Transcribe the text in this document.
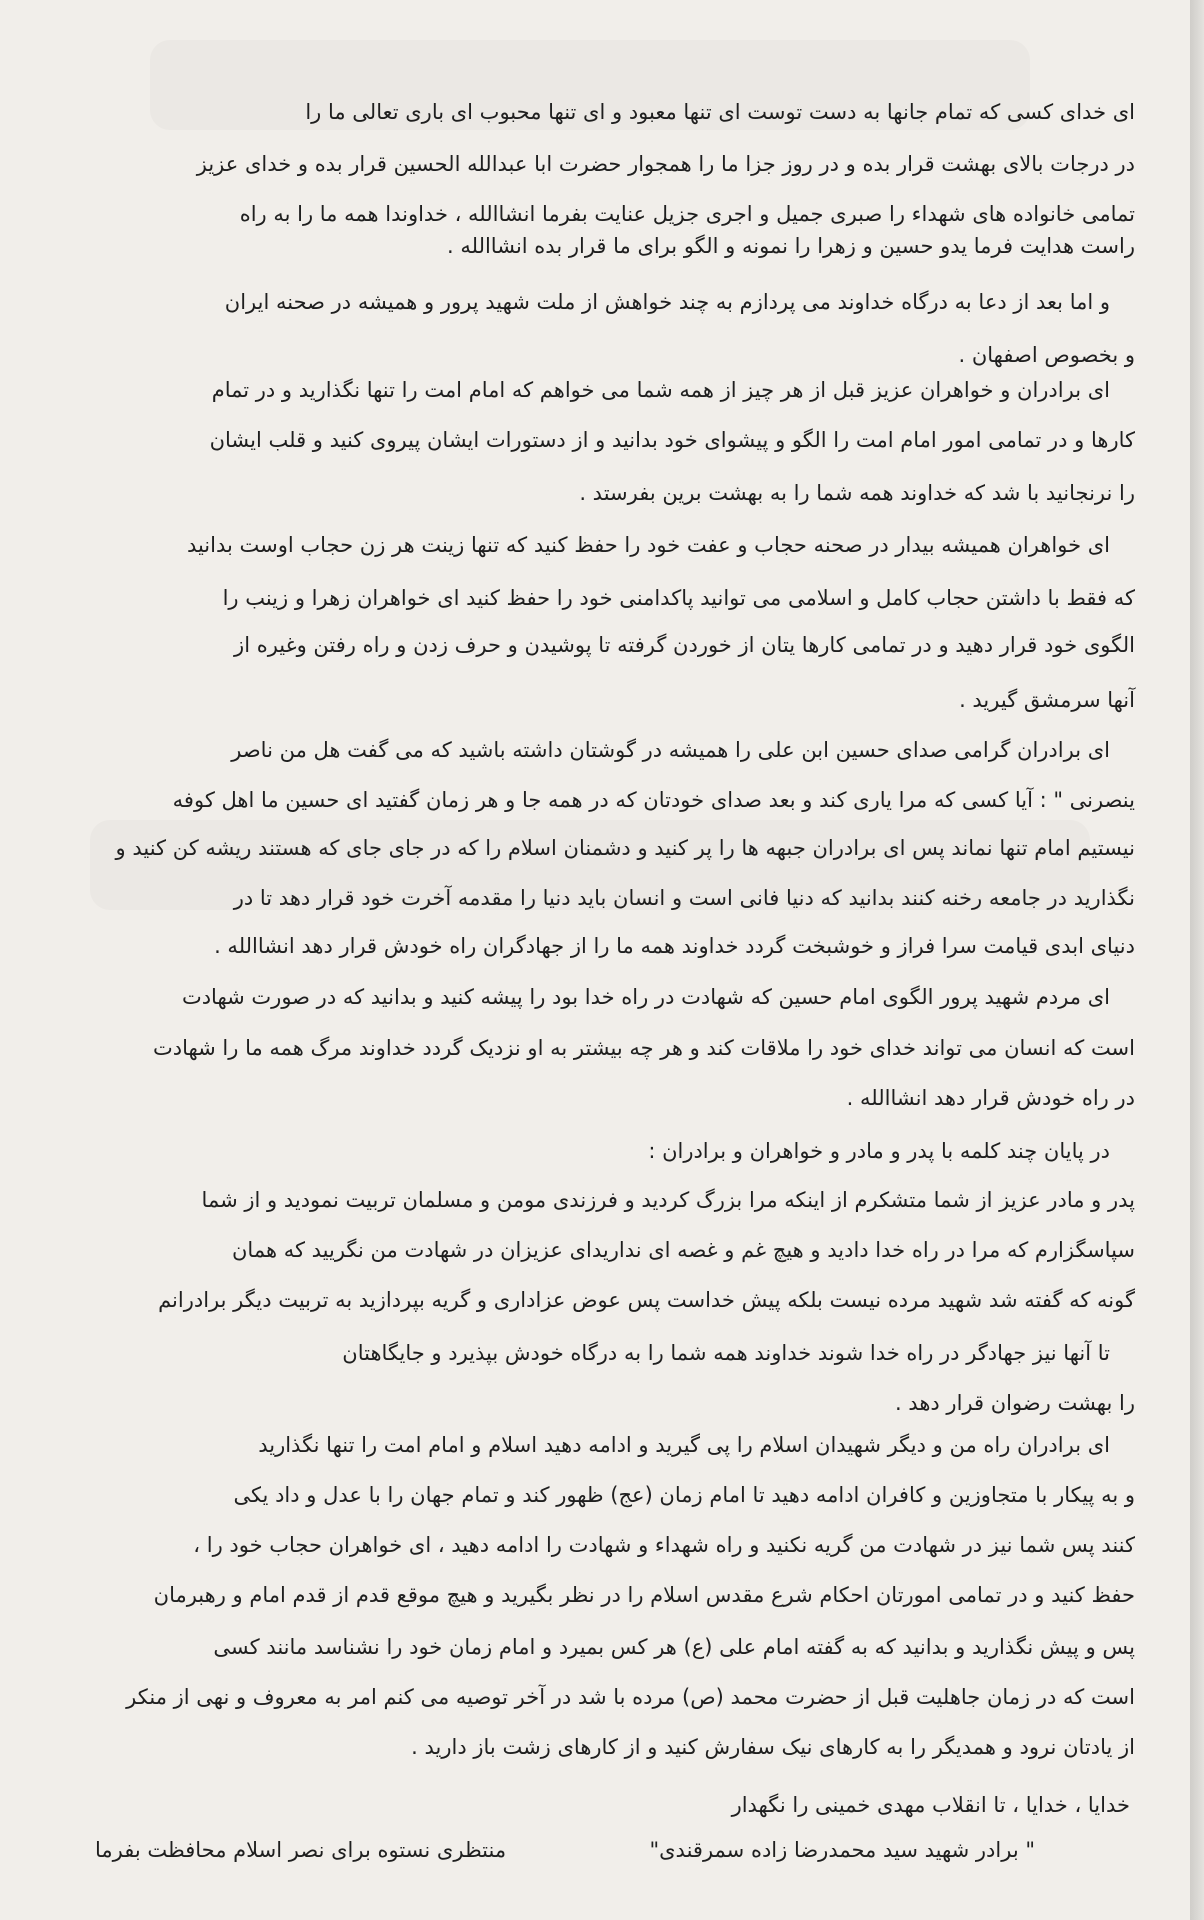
ای خدای کسی که تمام جانها به دست توست ای تنها معبود و ای تنها محبوب ای باری تعالی ما را
در درجات بالای بهشت قرار بده و در روز جزا ما را همجوار حضرت ابا عبدالله الحسین قرار بده و خدای عزیز
تمامی خانواده های شهداء را صبری جمیل و اجری جزیل عنایت بفرما انشاالله ، خداوندا همه ما را به راه
راست هدایت فرما یدو حسین و زهرا را نمونه و الگو برای ما قرار بده انشاالله .
و اما بعد از دعا به درگاه خداوند می پردازم به چند خواهش از ملت شهید پرور و همیشه در صحنه ایران
و بخصوص اصفهان .
ای برادران و خواهران عزیز قبل از هر چیز از همه شما می خواهم که امام امت را تنها نگذارید و در تمام
کارها و در تمامی امور امام امت را الگو و پیشوای خود بدانید و از دستورات ایشان پیروی کنید و قلب ایشان
را نرنجانید با شد که خداوند همه شما را به بهشت برین بفرستد .
ای خواهران همیشه بیدار در صحنه حجاب و عفت خود را حفظ کنید که تنها زینت هر زن حجاب اوست بدانید
که فقط با داشتن حجاب کامل و اسلامی می توانید پاکدامنی خود را حفظ کنید ای خواهران زهرا و زینب را
الگوی خود قرار دهید و در تمامی کارها یتان از خوردن گرفته تا پوشیدن و حرف زدن و راه رفتن وغیره از
آنها سرمشق گیرید .
ای برادران گرامی صدای حسین ابن علی را همیشه در گوشتان داشته باشید که می گفت هل من ناصر
ینصرنی " : آیا کسی که مرا یاری کند و بعد صدای خودتان که در همه جا و هر زمان گفتید ای حسین ما اهل کوفه
نیستیم امام تنها نماند پس ای برادران جبهه ها را پر کنید و دشمنان اسلام را که در جای جای که هستند ریشه کن کنید و
نگذارید در جامعه رخنه کنند بدانید که دنیا فانی است و انسان باید دنیا را مقدمه آخرت خود قرار دهد تا در
دنیای ابدی قیامت سرا فراز و خوشبخت گردد خداوند همه ما را از جهادگران راه خودش قرار دهد انشاالله .
ای مردم شهید پرور الگوی امام حسین که شهادت در راه خدا بود را پیشه کنید و بدانید که در صورت شهادت
است که انسان می تواند خدای خود را ملاقات کند و هر چه بیشتر به او نزدیک گردد خداوند مرگ همه ما را شهادت
در راه خودش قرار دهد انشاالله .
در پایان چند کلمه با پدر و مادر و خواهران و برادران :
پدر و مادر عزیز از شما متشکرم از اینکه مرا بزرگ کردید و فرزندی مومن و مسلمان تربیت نمودید و از شما
سپاسگزارم که مرا در راه خدا دادید و هیچ غم و غصه ای نداریدای عزیزان در شهادت من نگریید که همان
گونه که گفته شد شهید مرده نیست بلکه پیش خداست پس عوض عزاداری و گریه بپردازید به تربیت دیگر برادرانم
تا آنها نیز جهادگر در راه خدا شوند خداوند همه شما را به درگاه خودش بپذیرد و جایگاهتان
را بهشت رضوان قرار دهد .
ای برادران راه من و دیگر شهیدان اسلام را پی گیرید و ادامه دهید اسلام و امام امت را تنها نگذارید
و به پیکار با متجاوزین و کافران ادامه دهید تا امام زمان (عج) ظهور کند و تمام جهان را با عدل و داد یکی
کنند پس شما نیز در شهادت من گریه نکنید و راه شهداء و شهادت را ادامه دهید ، ای خواهران حجاب خود را ،
حفظ کنید و در تمامی امورتان احکام شرع مقدس اسلام را در نظر بگیرید و هیچ موقع قدم از قدم امام و رهبرمان
پس و پیش نگذارید و بدانید که به گفته امام علی (ع) هر کس بمیرد و امام زمان خود را نشناسد مانند کسی
است که در زمان جاهلیت قبل از حضرت محمد (ص) مرده با شد در آخر توصیه می کنم امر به معروف و نهی از منکر
از یادتان نرود و همدیگر را به کارهای نیک سفارش کنید و از کارهای زشت باز دارید .
خدایا ، خدایا ، تا انقلاب مهدی خمینی را نگهدار
" برادر شهید سید محمدرضا زاده سمرقندی"
منتظری نستوه برای نصر اسلام محافظت بفرما
